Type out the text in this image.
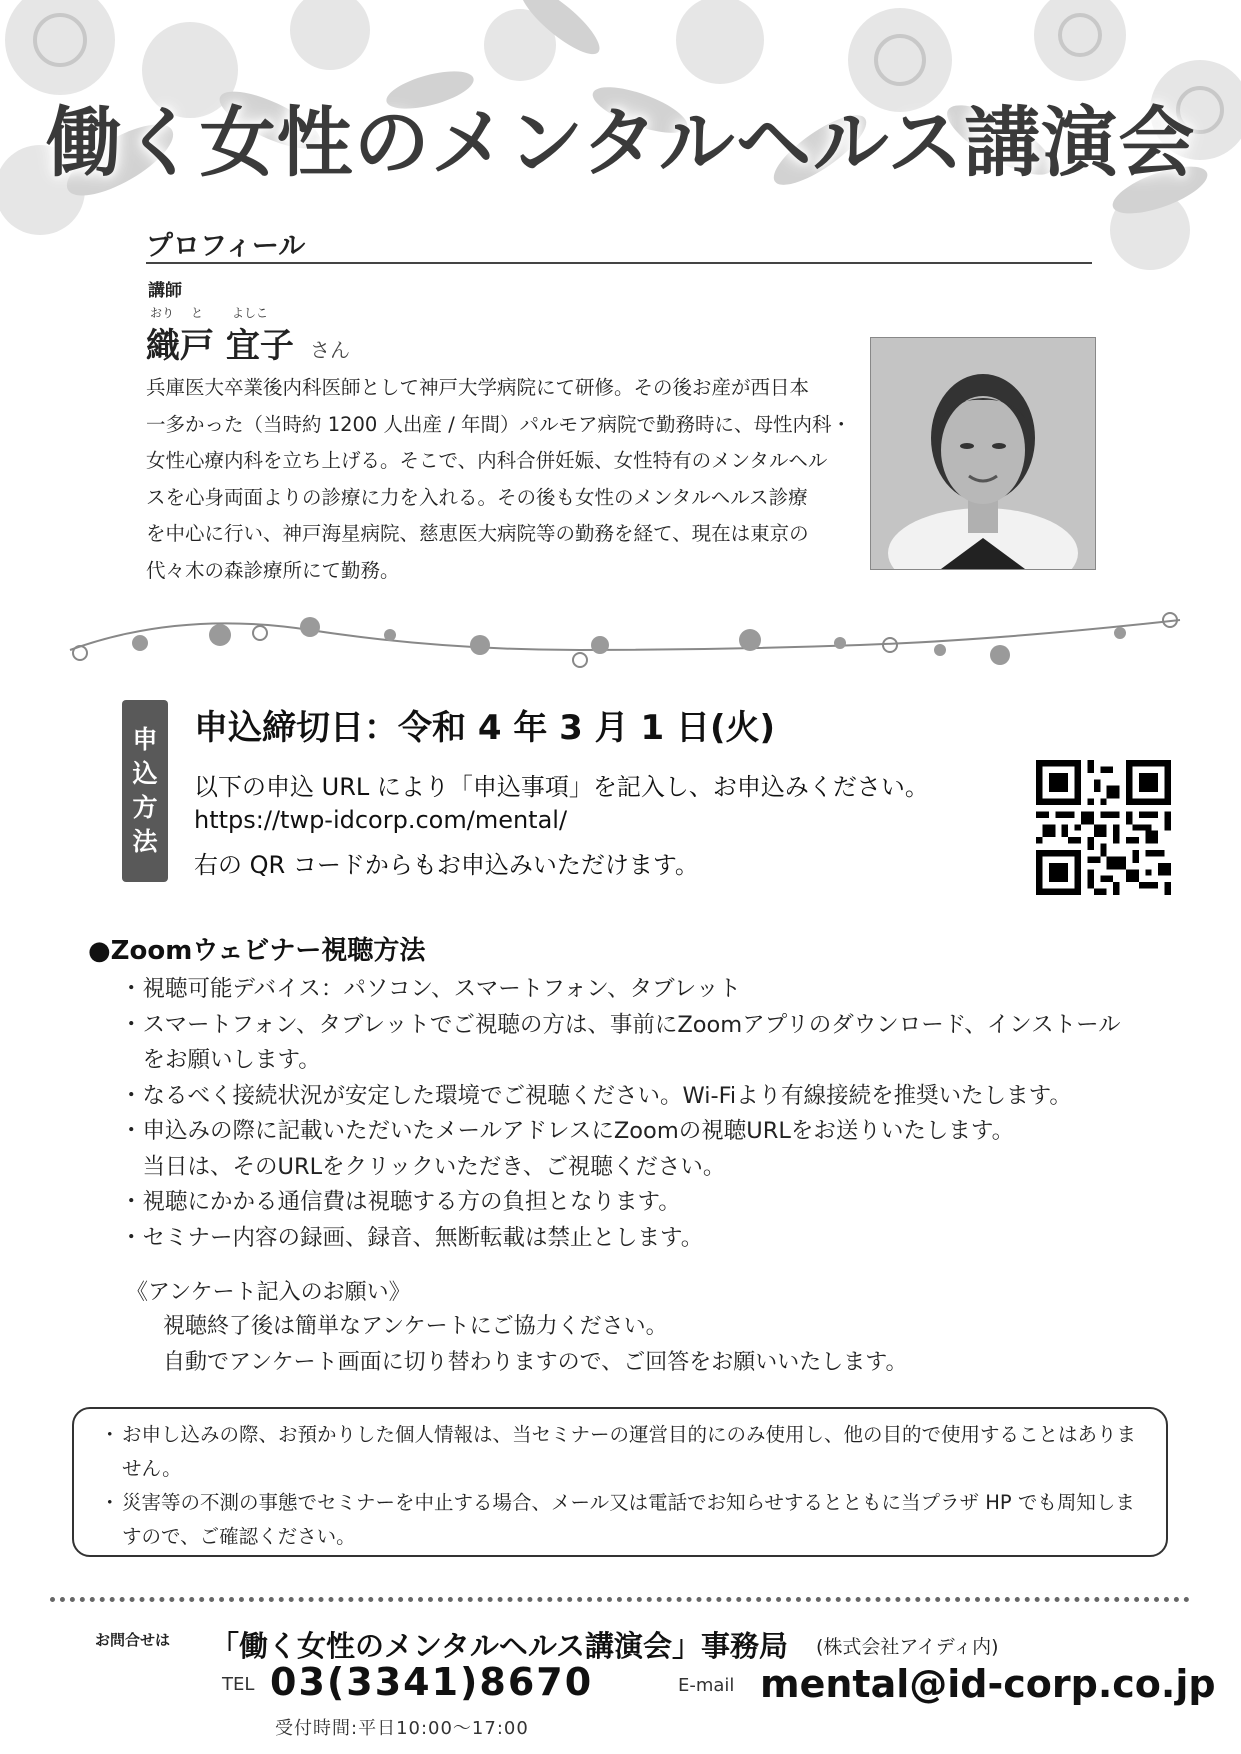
働く女性のメンタルヘルス講演会
プロフィール
講師
おり と よしこ
織戸 宜子 さん
兵庫医大卒業後内科医師として神戸大学病院にて研修。その後お産が西日本
一多かった（当時約 1200 人出産 / 年間）パルモア病院で勤務時に、母性内科・
女性心療内科を立ち上げる。そこで、内科合併妊娠、女性特有のメンタルヘル
スを心身両面よりの診療に力を入れる。その後も女性のメンタルヘルス診療
を中心に行い、神戸海星病院、慈恵医大病院等の勤務を経て、現在は東京の
代々木の森診療所にて勤務。
申
込
方
法
申込締切日：令和 4 年 3 月 1 日(火)
以下の申込 URL により「申込事項」を記入し、お申込みください。
https://twp-idcorp.com/mental/
右の QR コードからもお申込みいただけます。
●Zoomウェビナー視聴方法
・視聴可能デバイス：パソコン、スマートフォン、タブレット
・スマートフォン、タブレットでご視聴の方は、事前にZoomアプリのダウンロード、インストール
　をお願いします。
・なるべく接続状況が安定した環境でご視聴ください。Wi-Fiより有線接続を推奨いたします。
・申込みの際に記載いただいたメールアドレスにZoomの視聴URLをお送りいたします。
　当日は、そのURLをクリックいただき、ご視聴ください。
・視聴にかかる通信費は視聴する方の負担となります。
・セミナー内容の録画、録音、無断転載は禁止とします。
《アンケート記入のお願い》
視聴終了後は簡単なアンケートにご協力ください。
自動でアンケート画面に切り替わりますので、ご回答をお願いいたします。
・ お申し込みの際、お預かりした個人情報は、当セミナーの運営目的にのみ使用し、他の目的で使用することはありません。
・ 災害等の不測の事態でセミナーを中止する場合、メール又は電話でお知らせするとともに当プラザ HP でも周知しますので、ご確認ください。
お問合せは 「働く女性のメンタルヘルス講演会」事務局 (株式会社アイディ内)
TEL 03(3341)8670
受付時間:平日10:00〜17:00
E-mail mental@id-corp.co.jp
